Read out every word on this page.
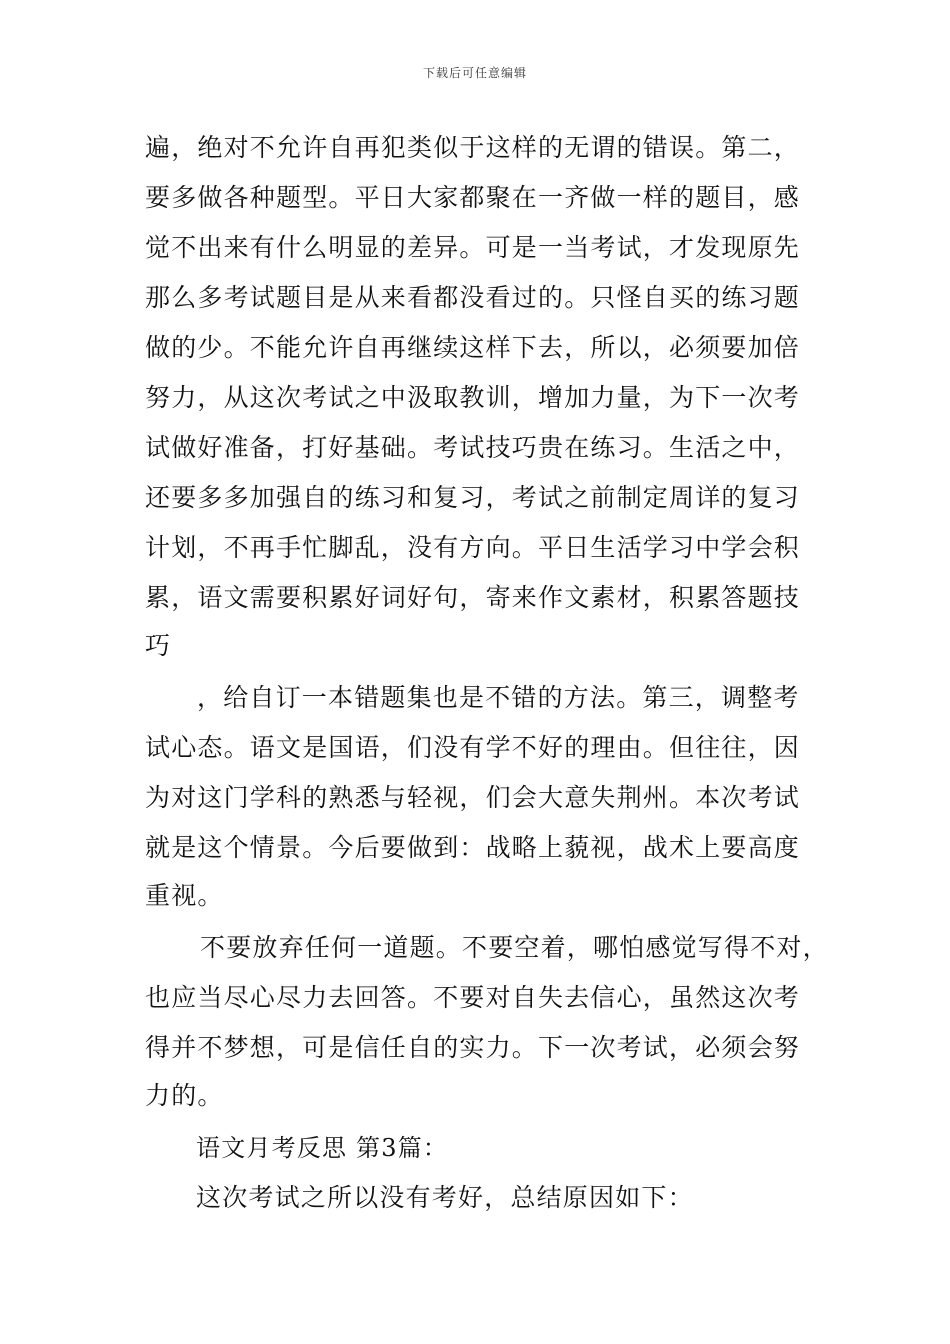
下载后可任意编辑
遍，绝对不允许自再犯类似于这样的无谓的错误。第二，
要多做各种题型。平日大家都聚在一齐做一样的题目，感
觉不出来有什么明显的差异。可是一当考试，才发现原先
那么多考试题目是从来看都没看过的。只怪自买的练习题
做的少。不能允许自再继续这样下去，所以，必须要加倍
努力，从这次考试之中汲取教训，增加力量，为下一次考
试做好准备，打好基础。考试技巧贵在练习。生活之中，
还要多多加强自的练习和复习，考试之前制定周详的复习
计划，不再手忙脚乱，没有方向。平日生活学习中学会积
累，语文需要积累好词好句，寄来作文素材，积累答题技
巧
，给自订一本错题集也是不错的方法。第三，调整考
试心态。语文是国语，们没有学不好的理由。但往往，因
为对这门学科的熟悉与轻视，们会大意失荆州。本次考试
就是这个情景。今后要做到：战略上藐视，战术上要高度
重视。
不要放弃任何一道题。不要空着，哪怕感觉写得不对，
也应当尽心尽力去回答。不要对自失去信心，虽然这次考
得并不梦想，可是信任自的实力。下一次考试，必须会努
力的。
语文月考反思 第3篇：
这次考试之所以没有考好，总结原因如下：
